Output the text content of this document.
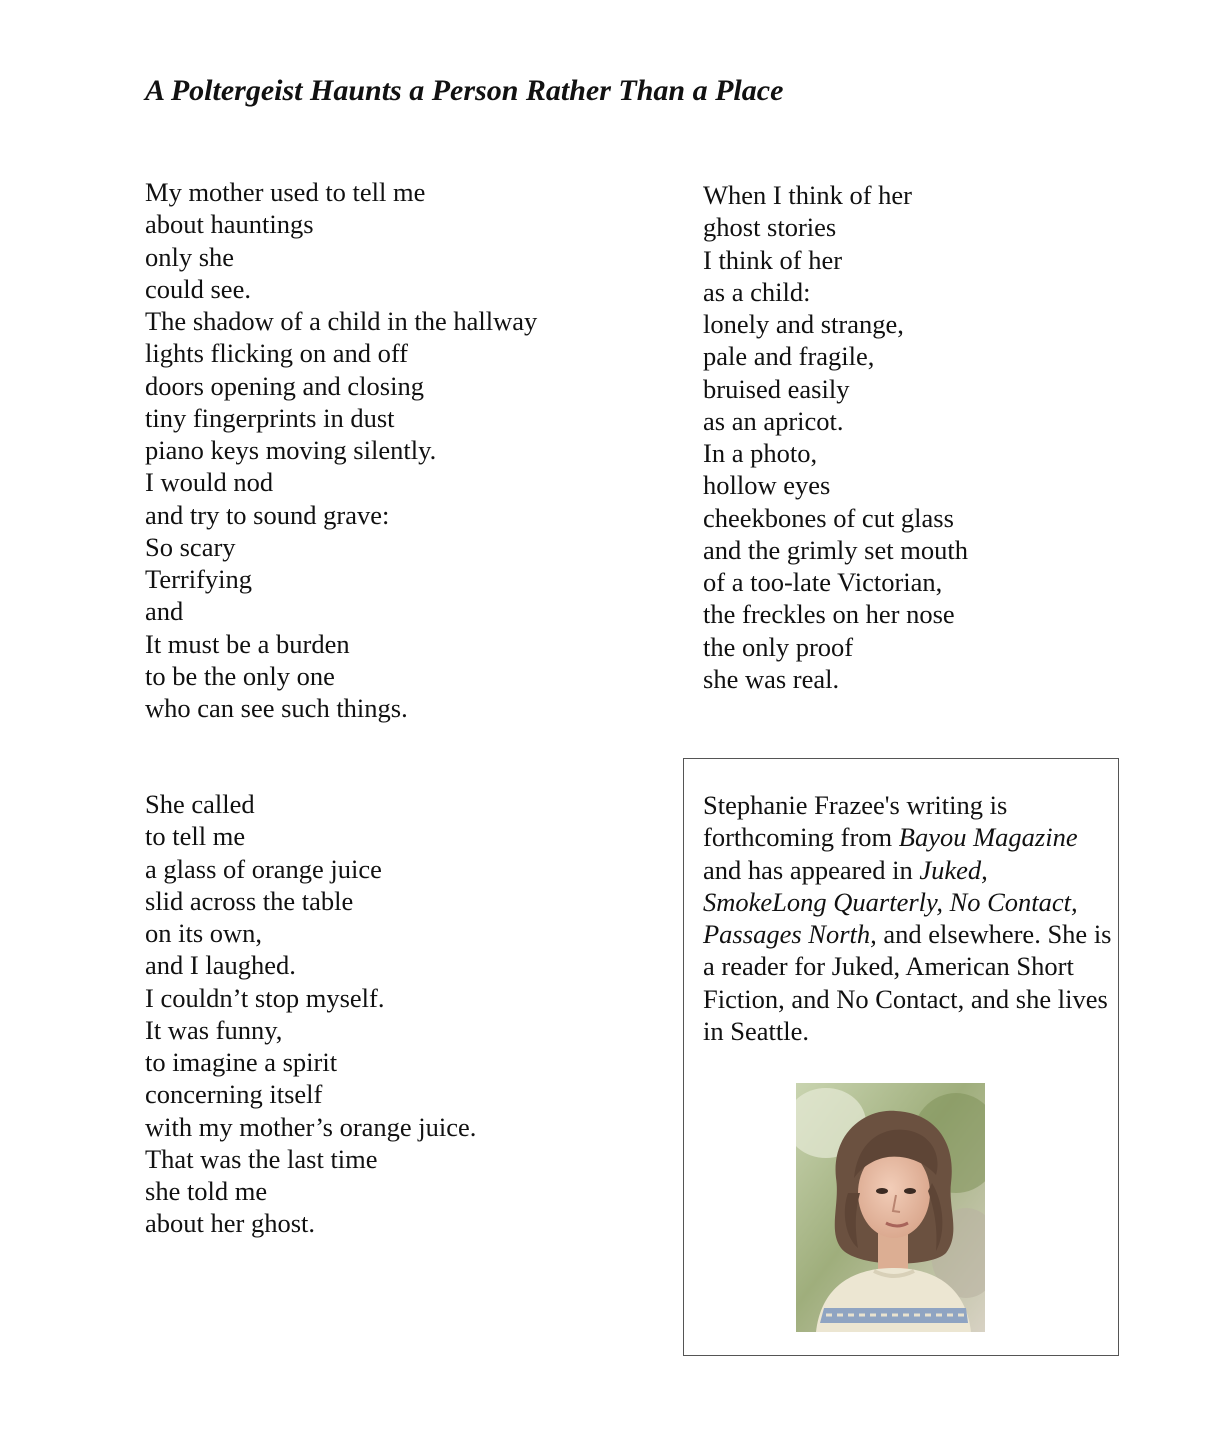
A Poltergeist Haunts a Person Rather Than a Place
My mother used to tell me
about hauntings
only she
could see.
The shadow of a child in the hallway
lights flicking on and off
doors opening and closing
tiny fingerprints in dust
piano keys moving silently.
I would nod
and try to sound grave:
So scary
Terrifying
and
It must be a burden
to be the only one
who can see such things.
When I think of her
ghost stories
I think of her
as a child:
lonely and strange,
pale and fragile,
bruised easily
as an apricot.
In a photo,
hollow eyes
cheekbones of cut glass
and the grimly set mouth
of a too-late Victorian,
the freckles on her nose
the only proof
she was real.
She called
to tell me
a glass of orange juice
slid across the table
on its own,
and I laughed.
I couldn’t stop myself.
It was funny,
to imagine a spirit
concerning itself
with my mother’s orange juice.
That was the last time
she told me
about her ghost.

Stephanie Frazee's writing is forthcoming from Bayou Magazine and has appeared in Juked, SmokeLong Quarterly, No Contact, Passages North, and elsewhere. She is a reader for Juked, American Short Fiction, and No Contact, and she lives in Seattle.
